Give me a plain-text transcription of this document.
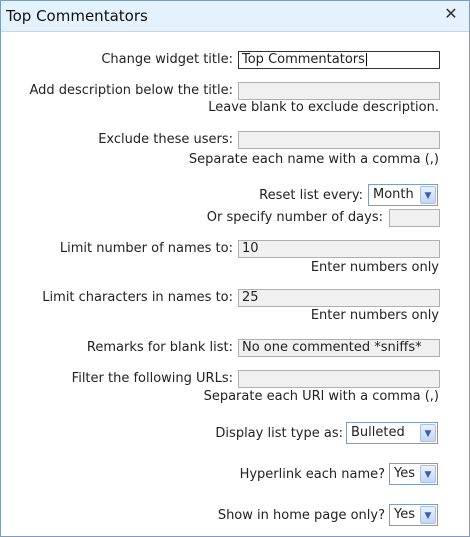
Top Commentators	✕
Change widget title: Top Commentators
Add description below the title:
Leave blank to exclude description.
Exclude these users:
Separate each name with a comma (,)
Reset list every: Month	▼
Or specify number of days:
Limit number of names to: 10
Enter numbers only
Limit characters in names to: 25
Enter numbers only
Remarks for blank list: No one commented *sniffs*
Filter the following URLs:
Separate each URl with a comma (,)
Display list type as: Bulleted	▼
Hyperlink each name? Yes	▼
Show in home page only? Yes	▼
